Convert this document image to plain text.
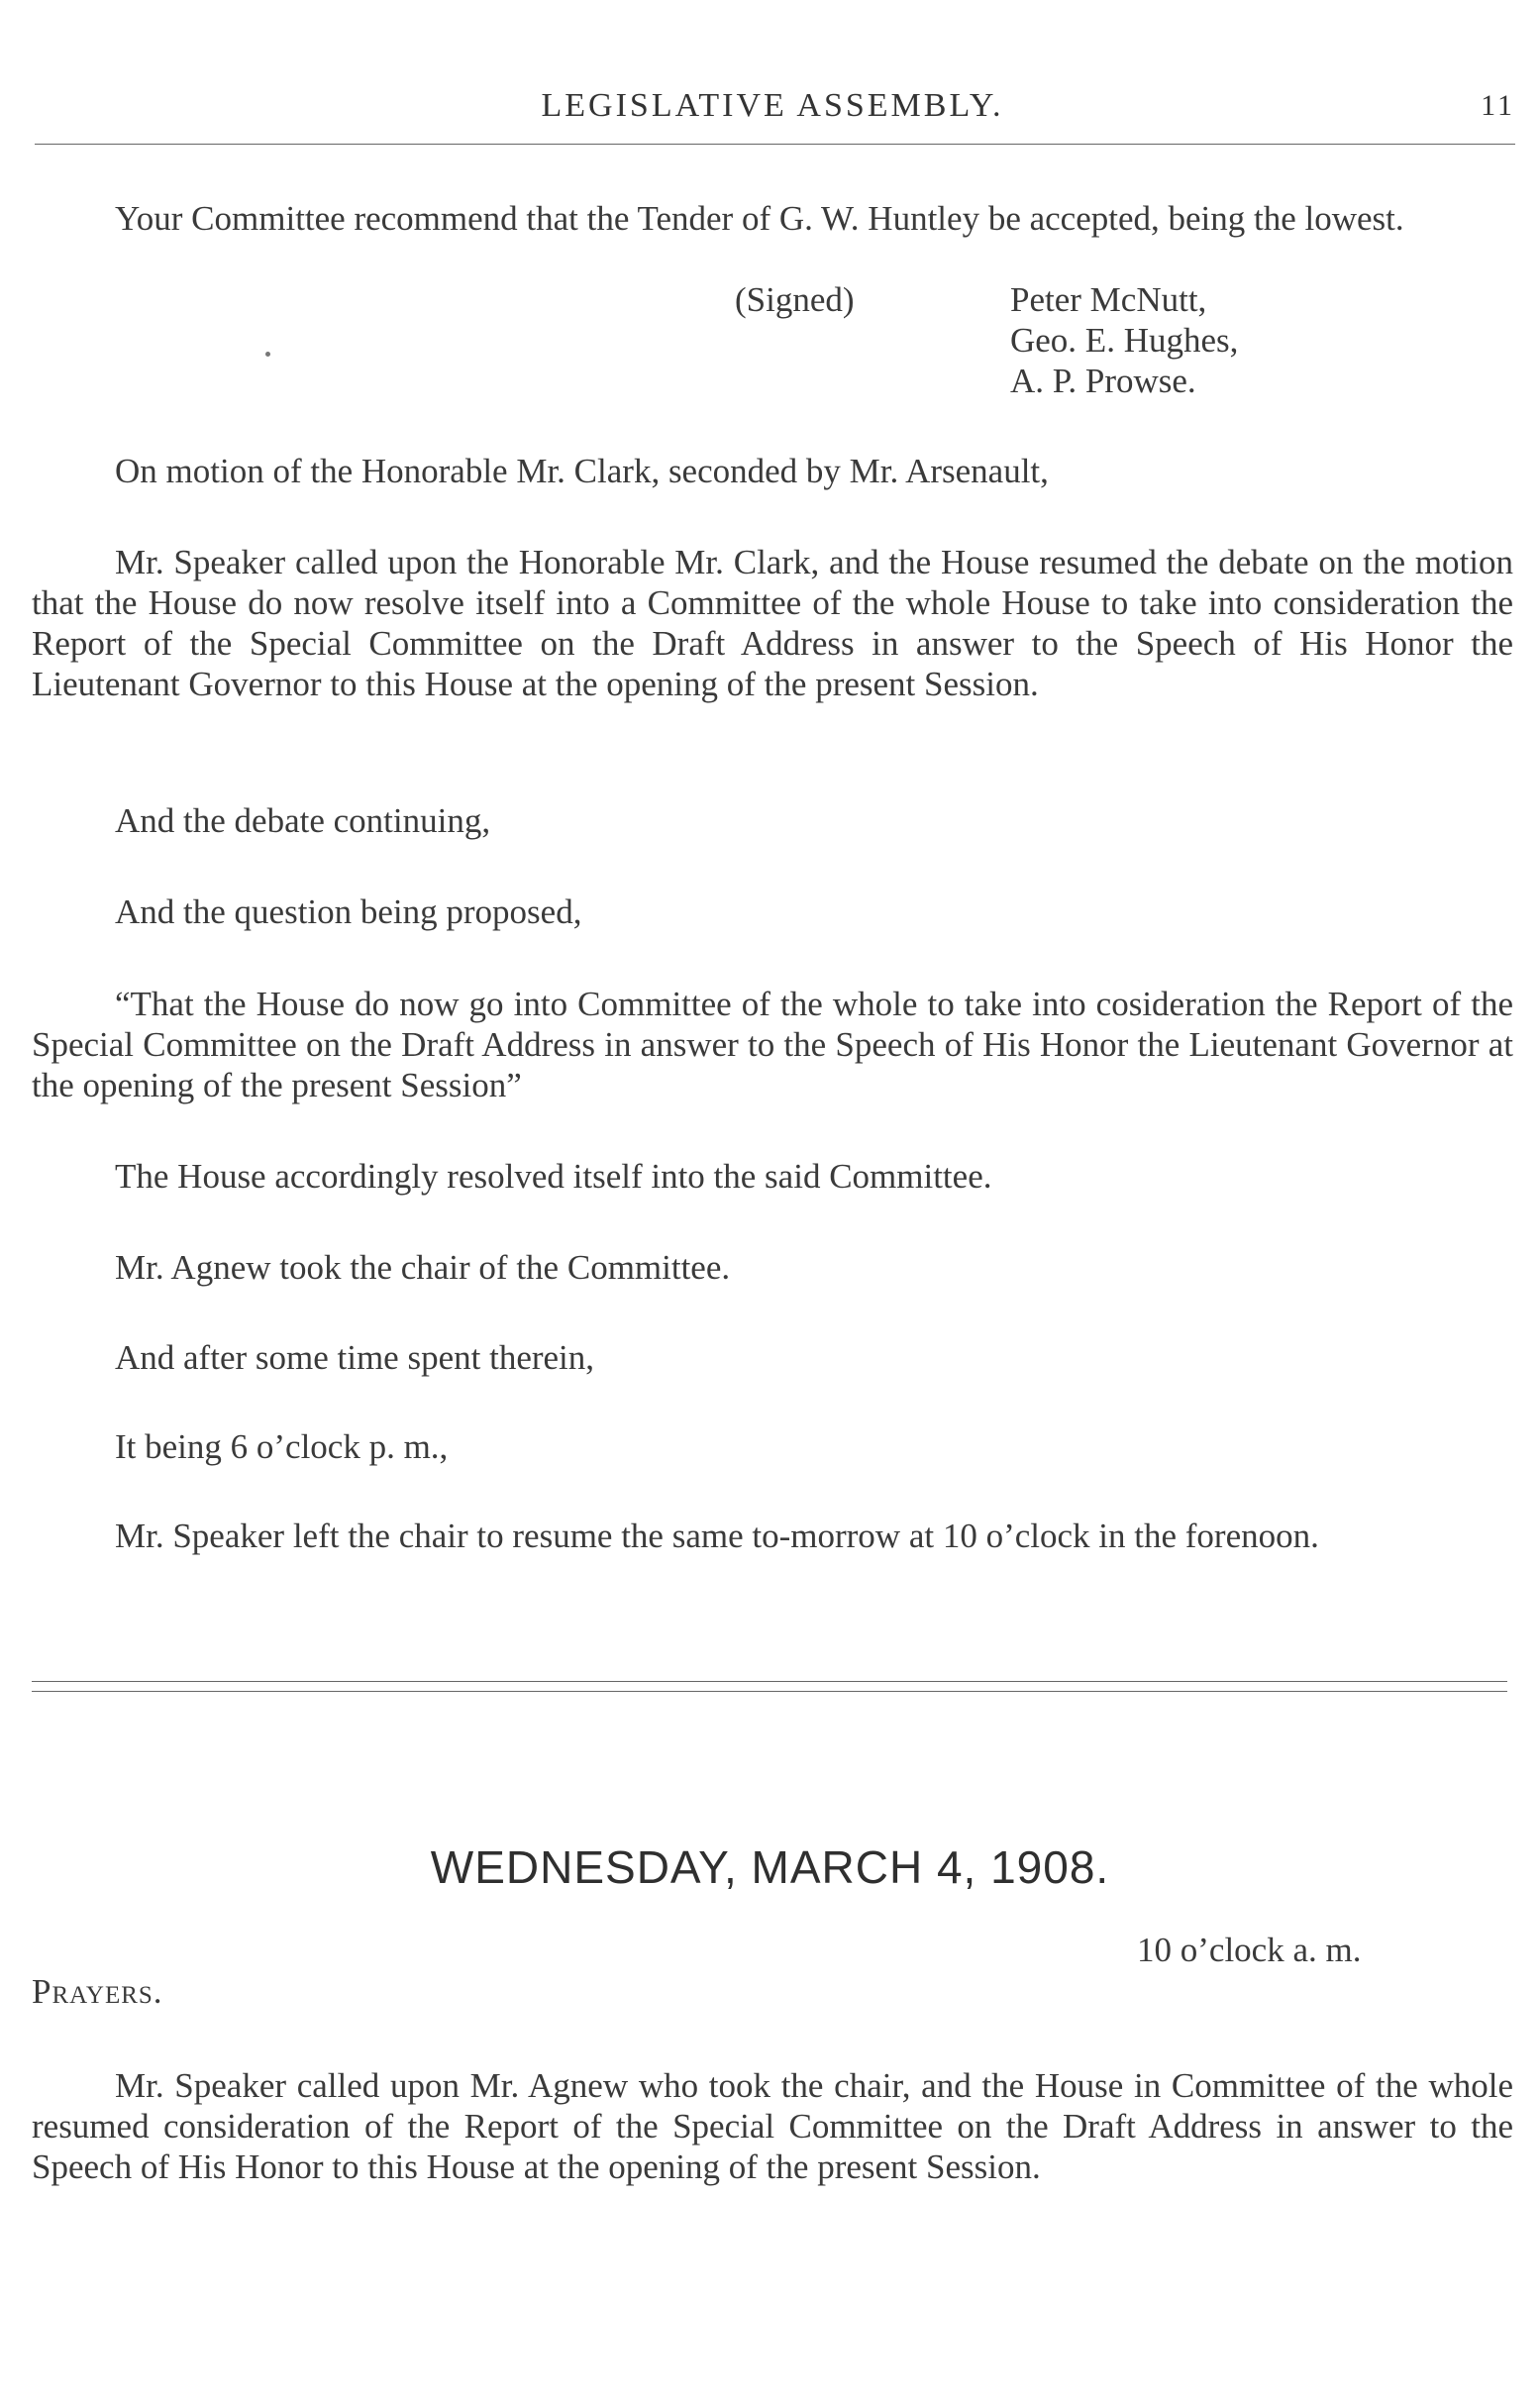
LEGISLATIVE ASSEMBLY.	11

Your Committee recommend that the Tender of G. W. Huntley be accepted, being the lowest.

(Signed)	Peter McNutt,
Geo. E. Hughes,
A. P. Prowse.
On motion of the Honorable Mr. Clark, seconded by Mr. Arsenault,

Mr. Speaker called upon the Honorable Mr. Clark, and the House resumed the debate on the motion that the House do now resolve itself into a Committee of the whole House to take into consideration the Report of the Special Committee on the Draft Address in answer to the Speech of His Honor the Lieutenant Governor to this House at the opening of the present Session.

And the debate continuing,
And the question being proposed,

“That the House do now go into Committee of the whole to take into cosideration the Report of the Special Committee on the Draft Address in answer to the Speech of His Honor the Lieutenant Governor at the opening of the present Session”

The House accordingly resolved itself into the said Committee.
Mr. Agnew took the chair of the Committee.
And after some time spent therein,
It being 6 o’clock p. m.,

Mr. Speaker left the chair to resume the same to-morrow at 10 o’clock in the forenoon.

WEDNESDAY, MARCH 4, 1908.
10 o’clock a. m.
Prayers.

Mr. Speaker called upon Mr. Agnew who took the chair, and the House in Committee of the whole resumed consideration of the Report of the Special Committee on the Draft Address in answer to the Speech of His Honor to this House at the opening of the present Session.
